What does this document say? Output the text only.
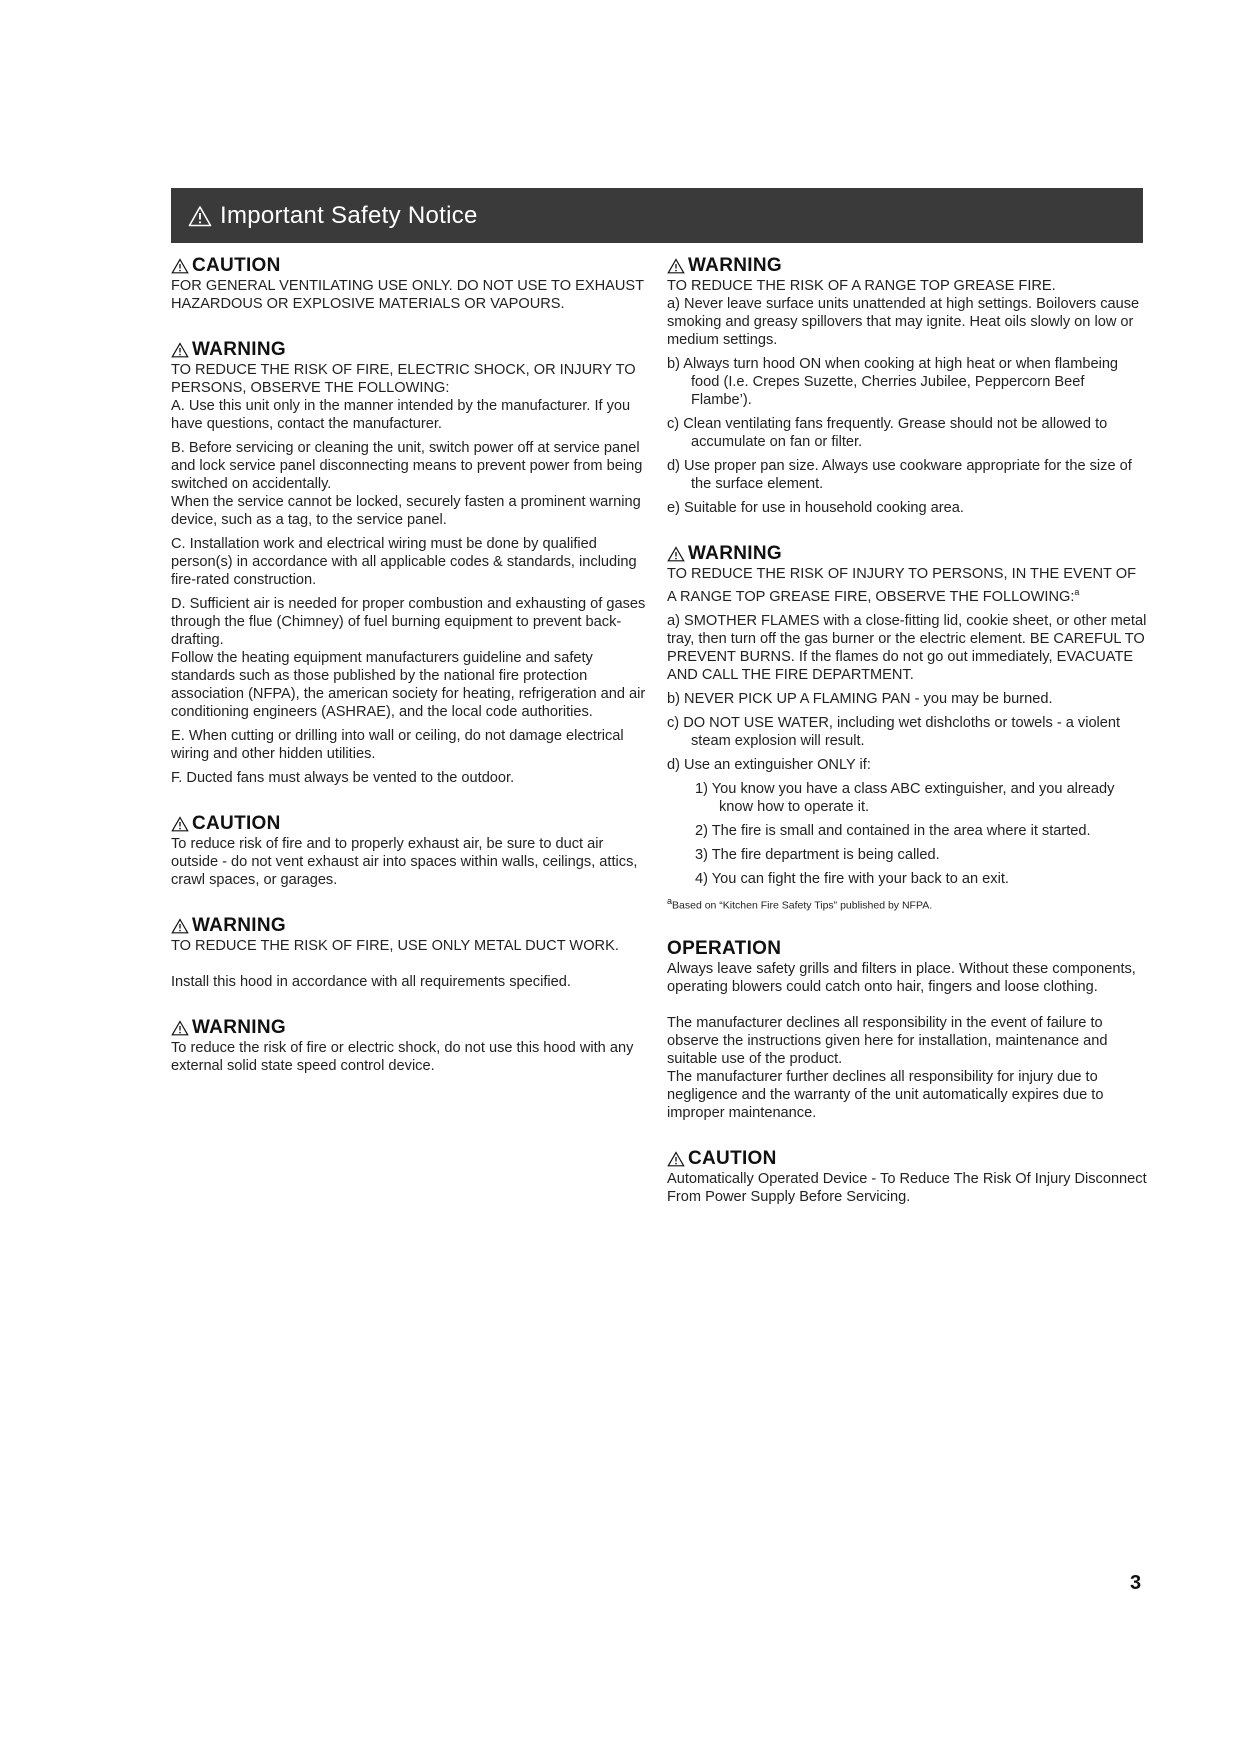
Important Safety Notice
CAUTION

FOR GENERAL VENTILATING USE ONLY. DO NOT USE TO EXHAUST HAZARDOUS OR EXPLOSIVE MATERIALS OR VAPOURS.

WARNING

TO REDUCE THE RISK OF FIRE, ELECTRIC SHOCK, OR INJURY TO PERSONS, OBSERVE THE FOLLOWING:

A. Use this unit only in the manner intended by the manufacturer. If you have questions, contact the manufacturer.

B. Before servicing or cleaning the unit, switch power off at service panel and lock service panel disconnecting means to prevent power from being switched on accidentally.

When the service cannot be locked, securely fasten a prominent warning device, such as a tag, to the service panel.

C. Installation work and electrical wiring must be done by qualified person(s) in accordance with all applicable codes & standards, including fire-rated construction.

D. Sufficient air is needed for proper combustion and exhausting of gases through the flue (Chimney) of fuel burning equipment to prevent back- drafting.

Follow the heating equipment manufacturers guideline and safety standards such as those published by the national fire protection association (NFPA), the american society for heating, refrigeration and air conditioning engineers (ASHRAE), and the local code authorities.

E. When cutting or drilling into wall or ceiling, do not damage electrical wiring and other hidden utilities.

F. Ducted fans must always be vented to the outdoor.

CAUTION

To reduce risk of fire and to properly exhaust air, be sure to duct air outside - do not vent exhaust air into spaces within walls, ceilings, attics, crawl spaces, or garages.

WARNING

TO REDUCE THE RISK OF FIRE, USE ONLY METAL DUCT WORK.

Install this hood in accordance with all requirements specified.

WARNING

To reduce the risk of fire or electric shock, do not use this hood with any external solid state speed control device.

WARNING

TO REDUCE THE RISK OF A RANGE TOP GREASE FIRE.

a) Never leave surface units unattended at high settings. Boilovers cause smoking and greasy spillovers that may ignite. Heat oils slowly on low or medium settings.

b) Always turn hood ON when cooking at high heat or when flambeing food (I.e. Crepes Suzette, Cherries Jubilee, Peppercorn Beef Flambe’).

c) Clean ventilating fans frequently. Grease should not be allowed to accumulate on fan or filter.

d) Use proper pan size. Always use cookware appropriate for the size of the surface element.

e) Suitable for use in household cooking area.

WARNING

TO REDUCE THE RISK OF INJURY TO PERSONS, IN THE EVENT OF A RANGE TOP GREASE FIRE, OBSERVE THE FOLLOWING:$^a$

a) SMOTHER FLAMES with a close-fitting lid, cookie sheet, or other metal tray, then turn off the gas burner or the electric element. BE CAREFUL TO PREVENT BURNS. If the flames do not go out immediately, EVACUATE AND CALL THE FIRE DEPARTMENT.

b) NEVER PICK UP A FLAMING PAN - you may be burned.

c) DO NOT USE WATER, including wet dishcloths or towels - a violent steam explosion will result.

d) Use an extinguisher ONLY if:

1) You know you have a class ABC extinguisher, and you already know how to operate it.

2) The fire is small and contained in the area where it started.

3) The fire department is being called.

4) You can fight the fire with your back to an exit.

$^a$Based on “Kitchen Fire Safety Tips” published by NFPA.

OPERATION

Always leave safety grills and filters in place. Without these components, operating blowers could catch onto hair, fingers and loose clothing.

The manufacturer declines all responsibility in the event of failure to observe the instructions given here for installation, maintenance and suitable use of the product.

The manufacturer further declines all responsibility for injury due to negligence and the warranty of the unit automatically expires due to improper maintenance.

CAUTION

Automatically Operated Device - To Reduce The Risk Of Injury Disconnect From Power Supply Before Servicing.

3
